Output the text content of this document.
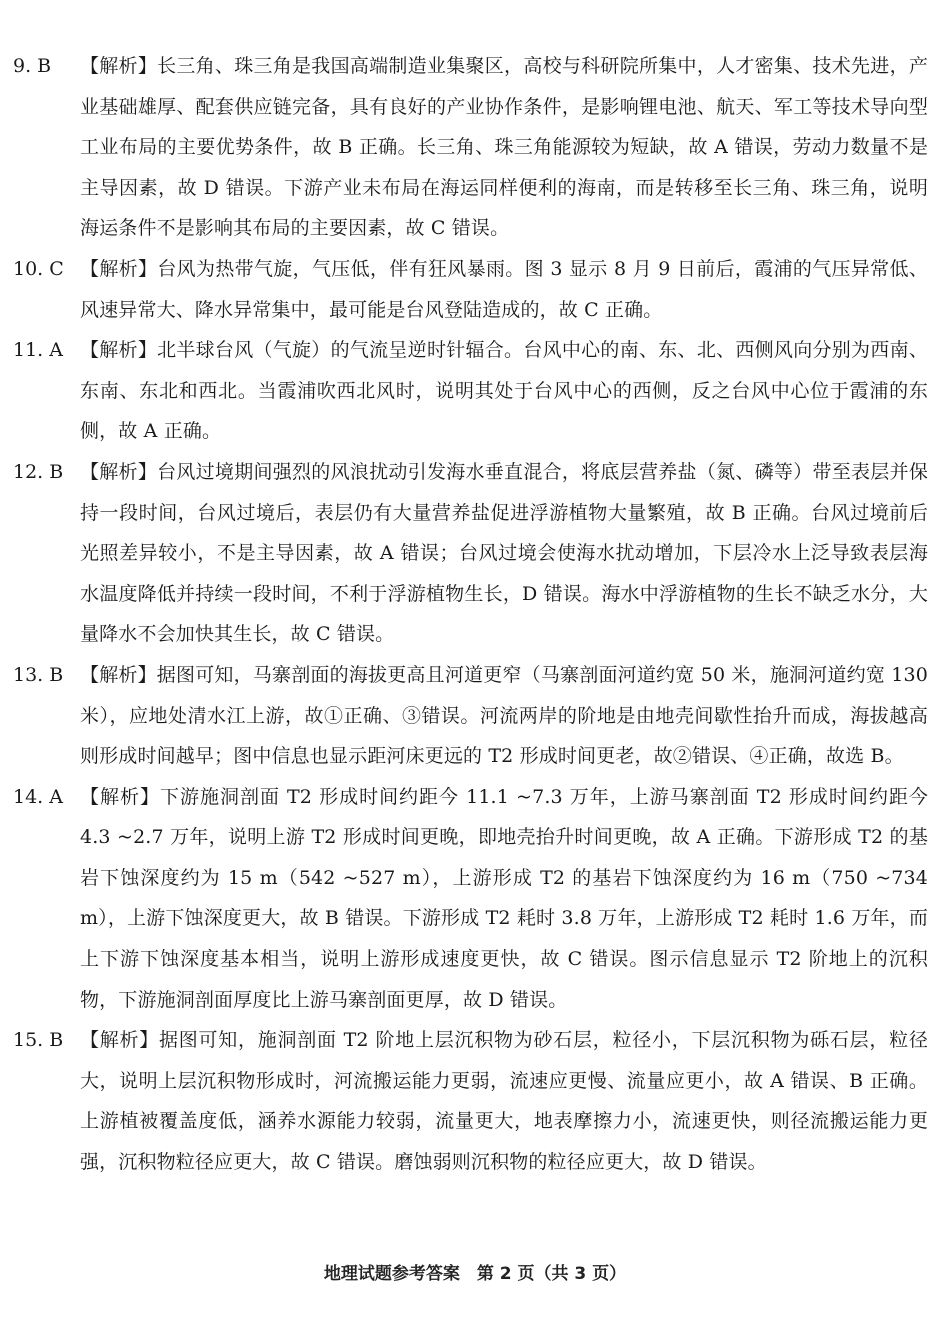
9. B 【解析】长三角、珠三角是我国高端制造业集聚区，高校与科研院所集中，人才密集、技术先进，产业基础雄厚、配套供应链完备，具有良好的产业协作条件，是影响锂电池、航天、军工等技术导向型工业布局的主要优势条件，故 B 正确。长三角、珠三角能源较为短缺，故 A 错误，劳动力数量不是主导因素，故 D 错误。下游产业未布局在海运同样便利的海南，而是转移至长三角、珠三角，说明海运条件不是影响其布局的主要因素，故 C 错误。
10. C 【解析】台风为热带气旋，气压低，伴有狂风暴雨。图 3 显示 8 月 9 日前后，霞浦的气压异常低、风速异常大、降水异常集中，最可能是台风登陆造成的，故 C 正确。
11. A 【解析】北半球台风（气旋）的气流呈逆时针辐合。台风中心的南、东、北、西侧风向分别为西南、东南、东北和西北。当霞浦吹西北风时，说明其处于台风中心的西侧，反之台风中心位于霞浦的东侧，故 A 正确。
12. B 【解析】台风过境期间强烈的风浪扰动引发海水垂直混合，将底层营养盐（氮、磷等）带至表层并保持一段时间，台风过境后，表层仍有大量营养盐促进浮游植物大量繁殖，故 B 正确。台风过境前后光照差异较小，不是主导因素，故 A 错误；台风过境会使海水扰动增加，下层冷水上泛导致表层海水温度降低并持续一段时间，不利于浮游植物生长，D 错误。海水中浮游植物的生长不缺乏水分，大量降水不会加快其生长，故 C 错误。
13. B 【解析】据图可知，马寨剖面的海拔更高且河道更窄（马寨剖面河道约宽 50 米，施洞河道约宽 130 米），应地处清水江上游，故①正确、③错误。河流两岸的阶地是由地壳间歇性抬升而成，海拔越高则形成时间越早；图中信息也显示距河床更远的 T2 形成时间更老，故②错误、④正确，故选 B。
14. A 【解析】下游施洞剖面 T2 形成时间约距今 11.1 ~7.3 万年，上游马寨剖面 T2 形成时间约距今 4.3 ~2.7 万年，说明上游 T2 形成时间更晚，即地壳抬升时间更晚，故 A 正确。下游形成 T2 的基岩下蚀深度约为 15 m（542 ~527 m），上游形成 T2 的基岩下蚀深度约为 16 m（750 ~734 m），上游下蚀深度更大，故 B 错误。下游形成 T2 耗时 3.8 万年，上游形成 T2 耗时 1.6 万年，而上下游下蚀深度基本相当，说明上游形成速度更快，故 C 错误。图示信息显示 T2 阶地上的沉积物，下游施洞剖面厚度比上游马寨剖面更厚，故 D 错误。
15. B 【解析】据图可知，施洞剖面 T2 阶地上层沉积物为砂石层，粒径小，下层沉积物为砾石层，粒径大，说明上层沉积物形成时，河流搬运能力更弱，流速应更慢、流量应更小，故 A 错误、B 正确。上游植被覆盖度低，涵养水源能力较弱，流量更大，地表摩擦力小，流速更快，则径流搬运能力更强，沉积物粒径应更大，故 C 错误。磨蚀弱则沉积物的粒径应更大，故 D 错误。
地理试题参考答案　第 2 页（共 3 页）
